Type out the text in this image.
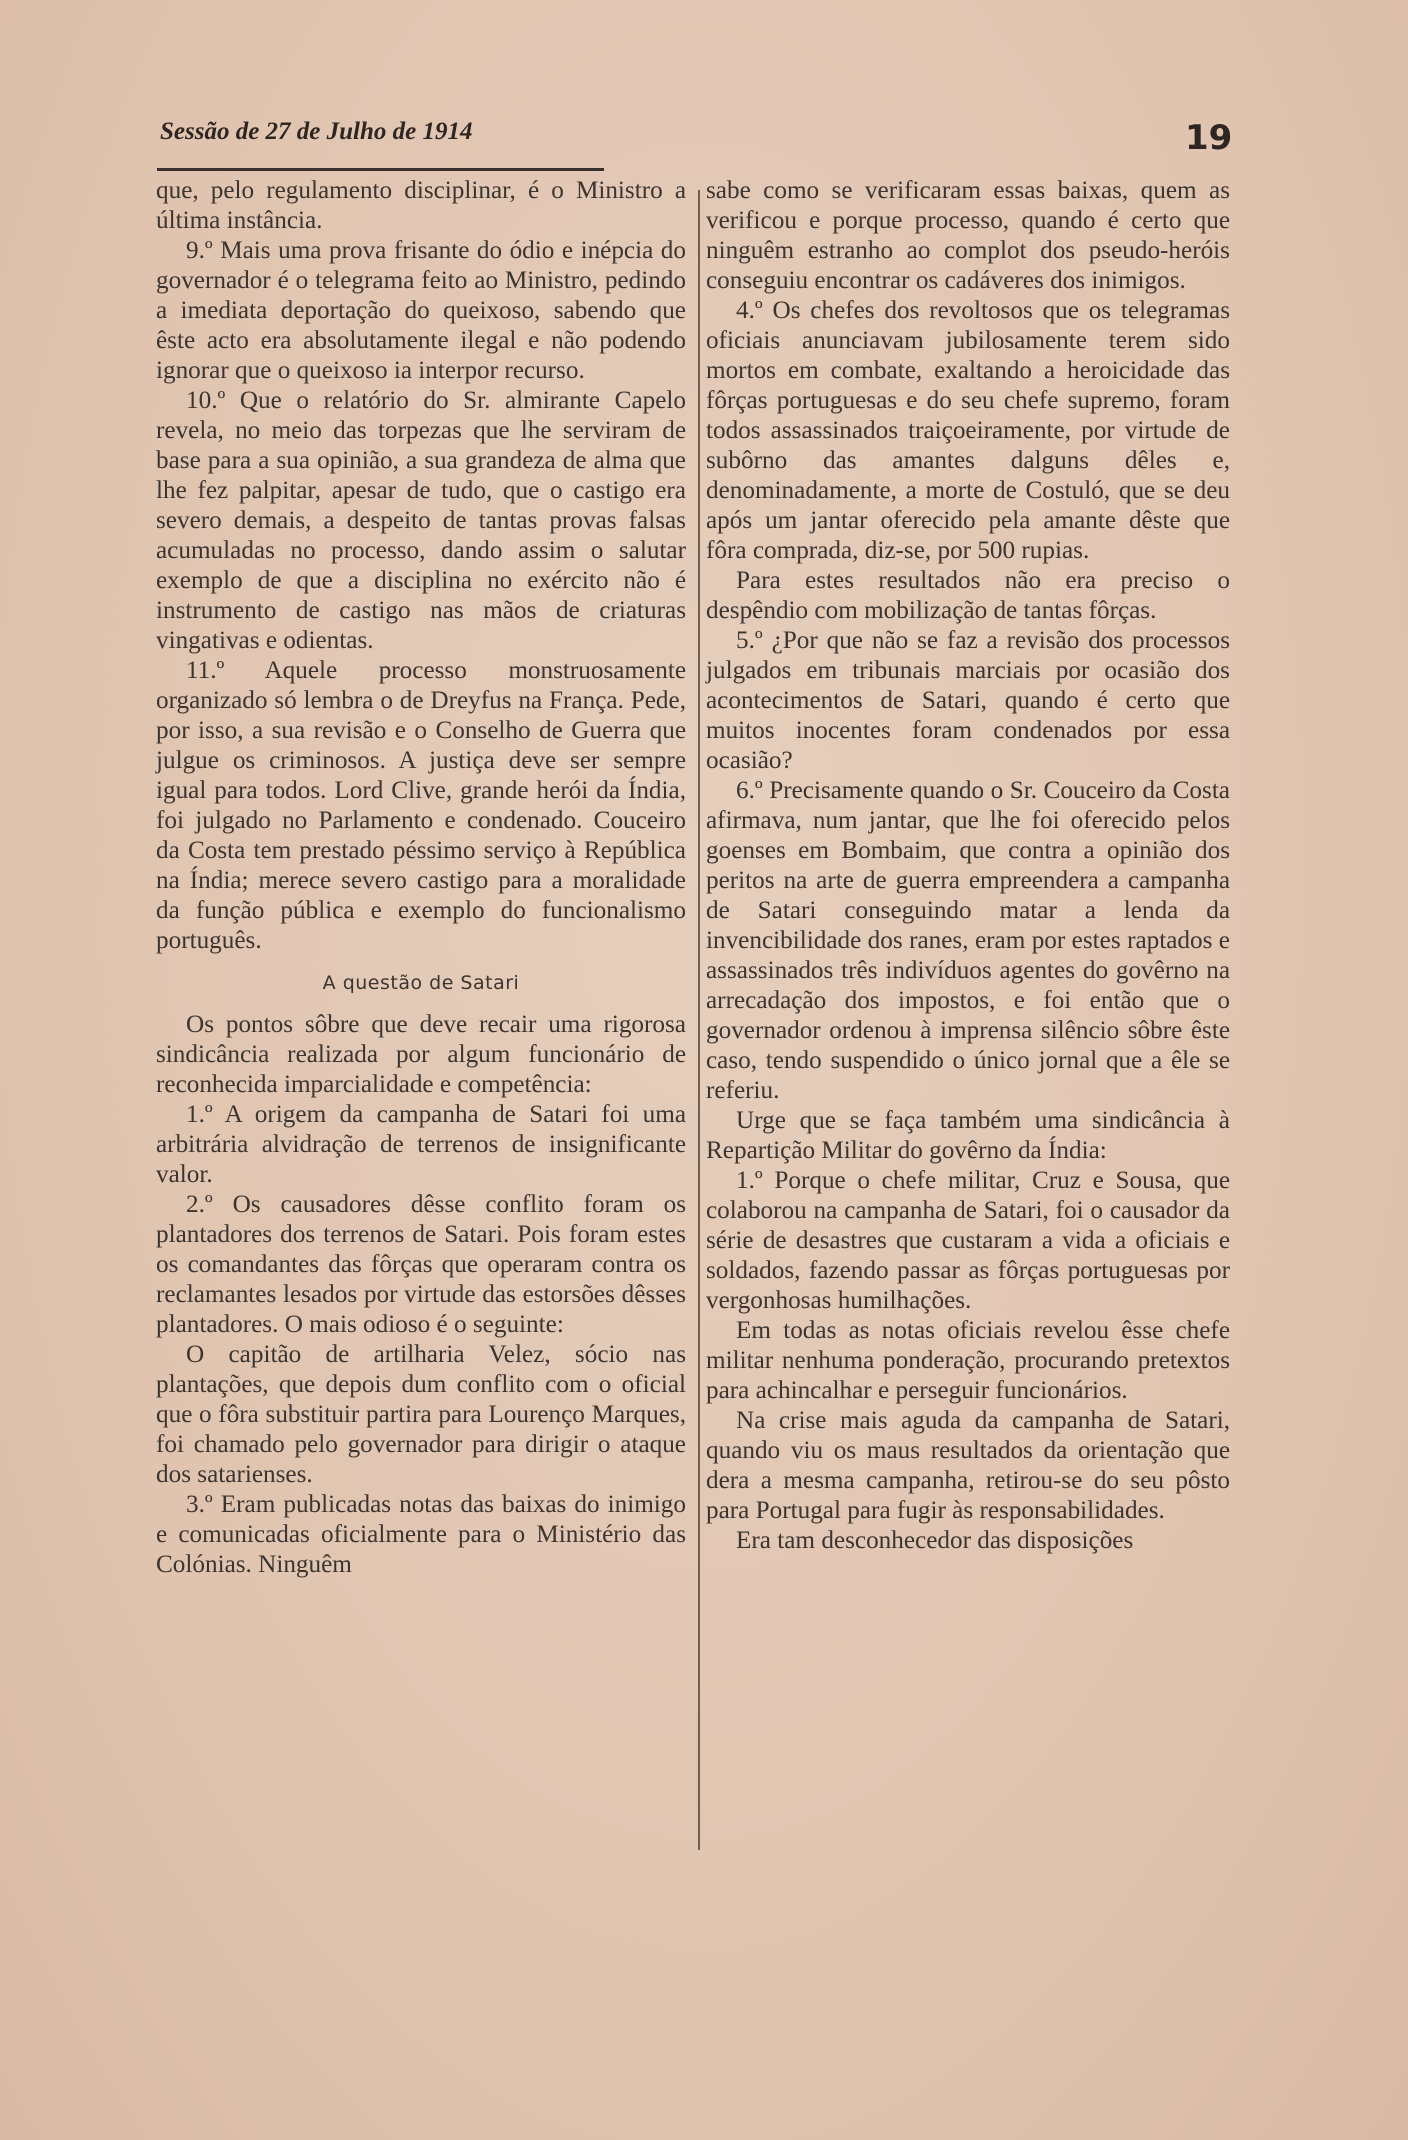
Sessão de 27 de Julho de 1914	19

que, pelo regulamento disciplinar, é o Ministro a última instância.

9.º Mais uma prova frisante do ódio e inépcia do governador é o telegrama feito ao Ministro, pedindo a imediata deportação do queixoso, sabendo que êste acto era absolutamente ilegal e não podendo ignorar que o queixoso ia interpor recurso.

10.º Que o relatório do Sr. almirante Capelo revela, no meio das torpezas que lhe serviram de base para a sua opinião, a sua grandeza de alma que lhe fez palpitar, apesar de tudo, que o castigo era severo demais, a despeito de tantas provas falsas acumuladas no processo, dando assim o salutar exemplo de que a disciplina no exército não é instrumento de castigo nas mãos de criaturas vingativas e odientas.

11.º Aquele processo monstruosamente organizado só lembra o de Dreyfus na França. Pede, por isso, a sua revisão e o Conselho de Guerra que julgue os criminosos. A justiça deve ser sempre igual para todos. Lord Clive, grande herói da Índia, foi julgado no Parlamento e condenado. Couceiro da Costa tem prestado péssimo serviço à República na Índia; merece severo castigo para a moralidade da função pública e exemplo do funcionalismo português.

A questão de Satari

Os pontos sôbre que deve recair uma rigorosa sindicância realizada por algum funcionário de reconhecida imparcialidade e competência:

1.º A origem da campanha de Satari foi uma arbitrária alvidração de terrenos de insignificante valor.

2.º Os causadores dêsse conflito foram os plantadores dos terrenos de Satari. Pois foram estes os comandantes das fôrças que operaram contra os reclamantes lesados por virtude das estorsões dêsses plantadores. O mais odioso é o seguinte:

O capitão de artilharia Velez, sócio nas plantações, que depois dum conflito com o oficial que o fôra substituir partira para Lourenço Marques, foi chamado pelo governador para dirigir o ataque dos satarienses.

3.º Eram publicadas notas das baixas do inimigo e comunicadas oficialmente para o Ministério das Colónias. Ninguêm

sabe como se verificaram essas baixas, quem as verificou e porque processo, quando é certo que ninguêm estranho ao complot dos pseudo-heróis conseguiu encontrar os cadáveres dos inimigos.

4.º Os chefes dos revoltosos que os telegramas oficiais anunciavam jubilosamente terem sido mortos em combate, exaltando a heroicidade das fôrças portuguesas e do seu chefe supremo, foram todos assassinados traiçoeiramente, por virtude de subôrno das amantes dalguns dêles e, denominadamente, a morte de Costuló, que se deu após um jantar oferecido pela amante dêste que fôra comprada, diz-se, por 500 rupias.

Para estes resultados não era preciso o despêndio com mobilização de tantas fôrças.

5.º ¿Por que não se faz a revisão dos processos julgados em tribunais marciais por ocasião dos acontecimentos de Satari, quando é certo que muitos inocentes foram condenados por essa ocasião?

6.º Precisamente quando o Sr. Couceiro da Costa afirmava, num jantar, que lhe foi oferecido pelos goenses em Bombaim, que contra a opinião dos peritos na arte de guerra empreendera a campanha de Satari conseguindo matar a lenda da invencibilidade dos ranes, eram por estes raptados e assassinados três indivíduos agentes do govêrno na arrecadação dos impostos, e foi então que o governador ordenou à imprensa silêncio sôbre êste caso, tendo suspendido o único jornal que a êle se referiu.

Urge que se faça também uma sindicância à Repartição Militar do govêrno da Índia:

1.º Porque o chefe militar, Cruz e Sousa, que colaborou na campanha de Satari, foi o causador da série de desastres que custaram a vida a oficiais e soldados, fazendo passar as fôrças portuguesas por vergonhosas humilhações.

Em todas as notas oficiais revelou êsse chefe militar nenhuma ponderação, procurando pretextos para achincalhar e perseguir funcionários.

Na crise mais aguda da campanha de Satari, quando viu os maus resultados da orientação que dera a mesma campanha, retirou-se do seu pôsto para Portugal para fugir às responsabilidades.

Era tam desconhecedor das disposições
